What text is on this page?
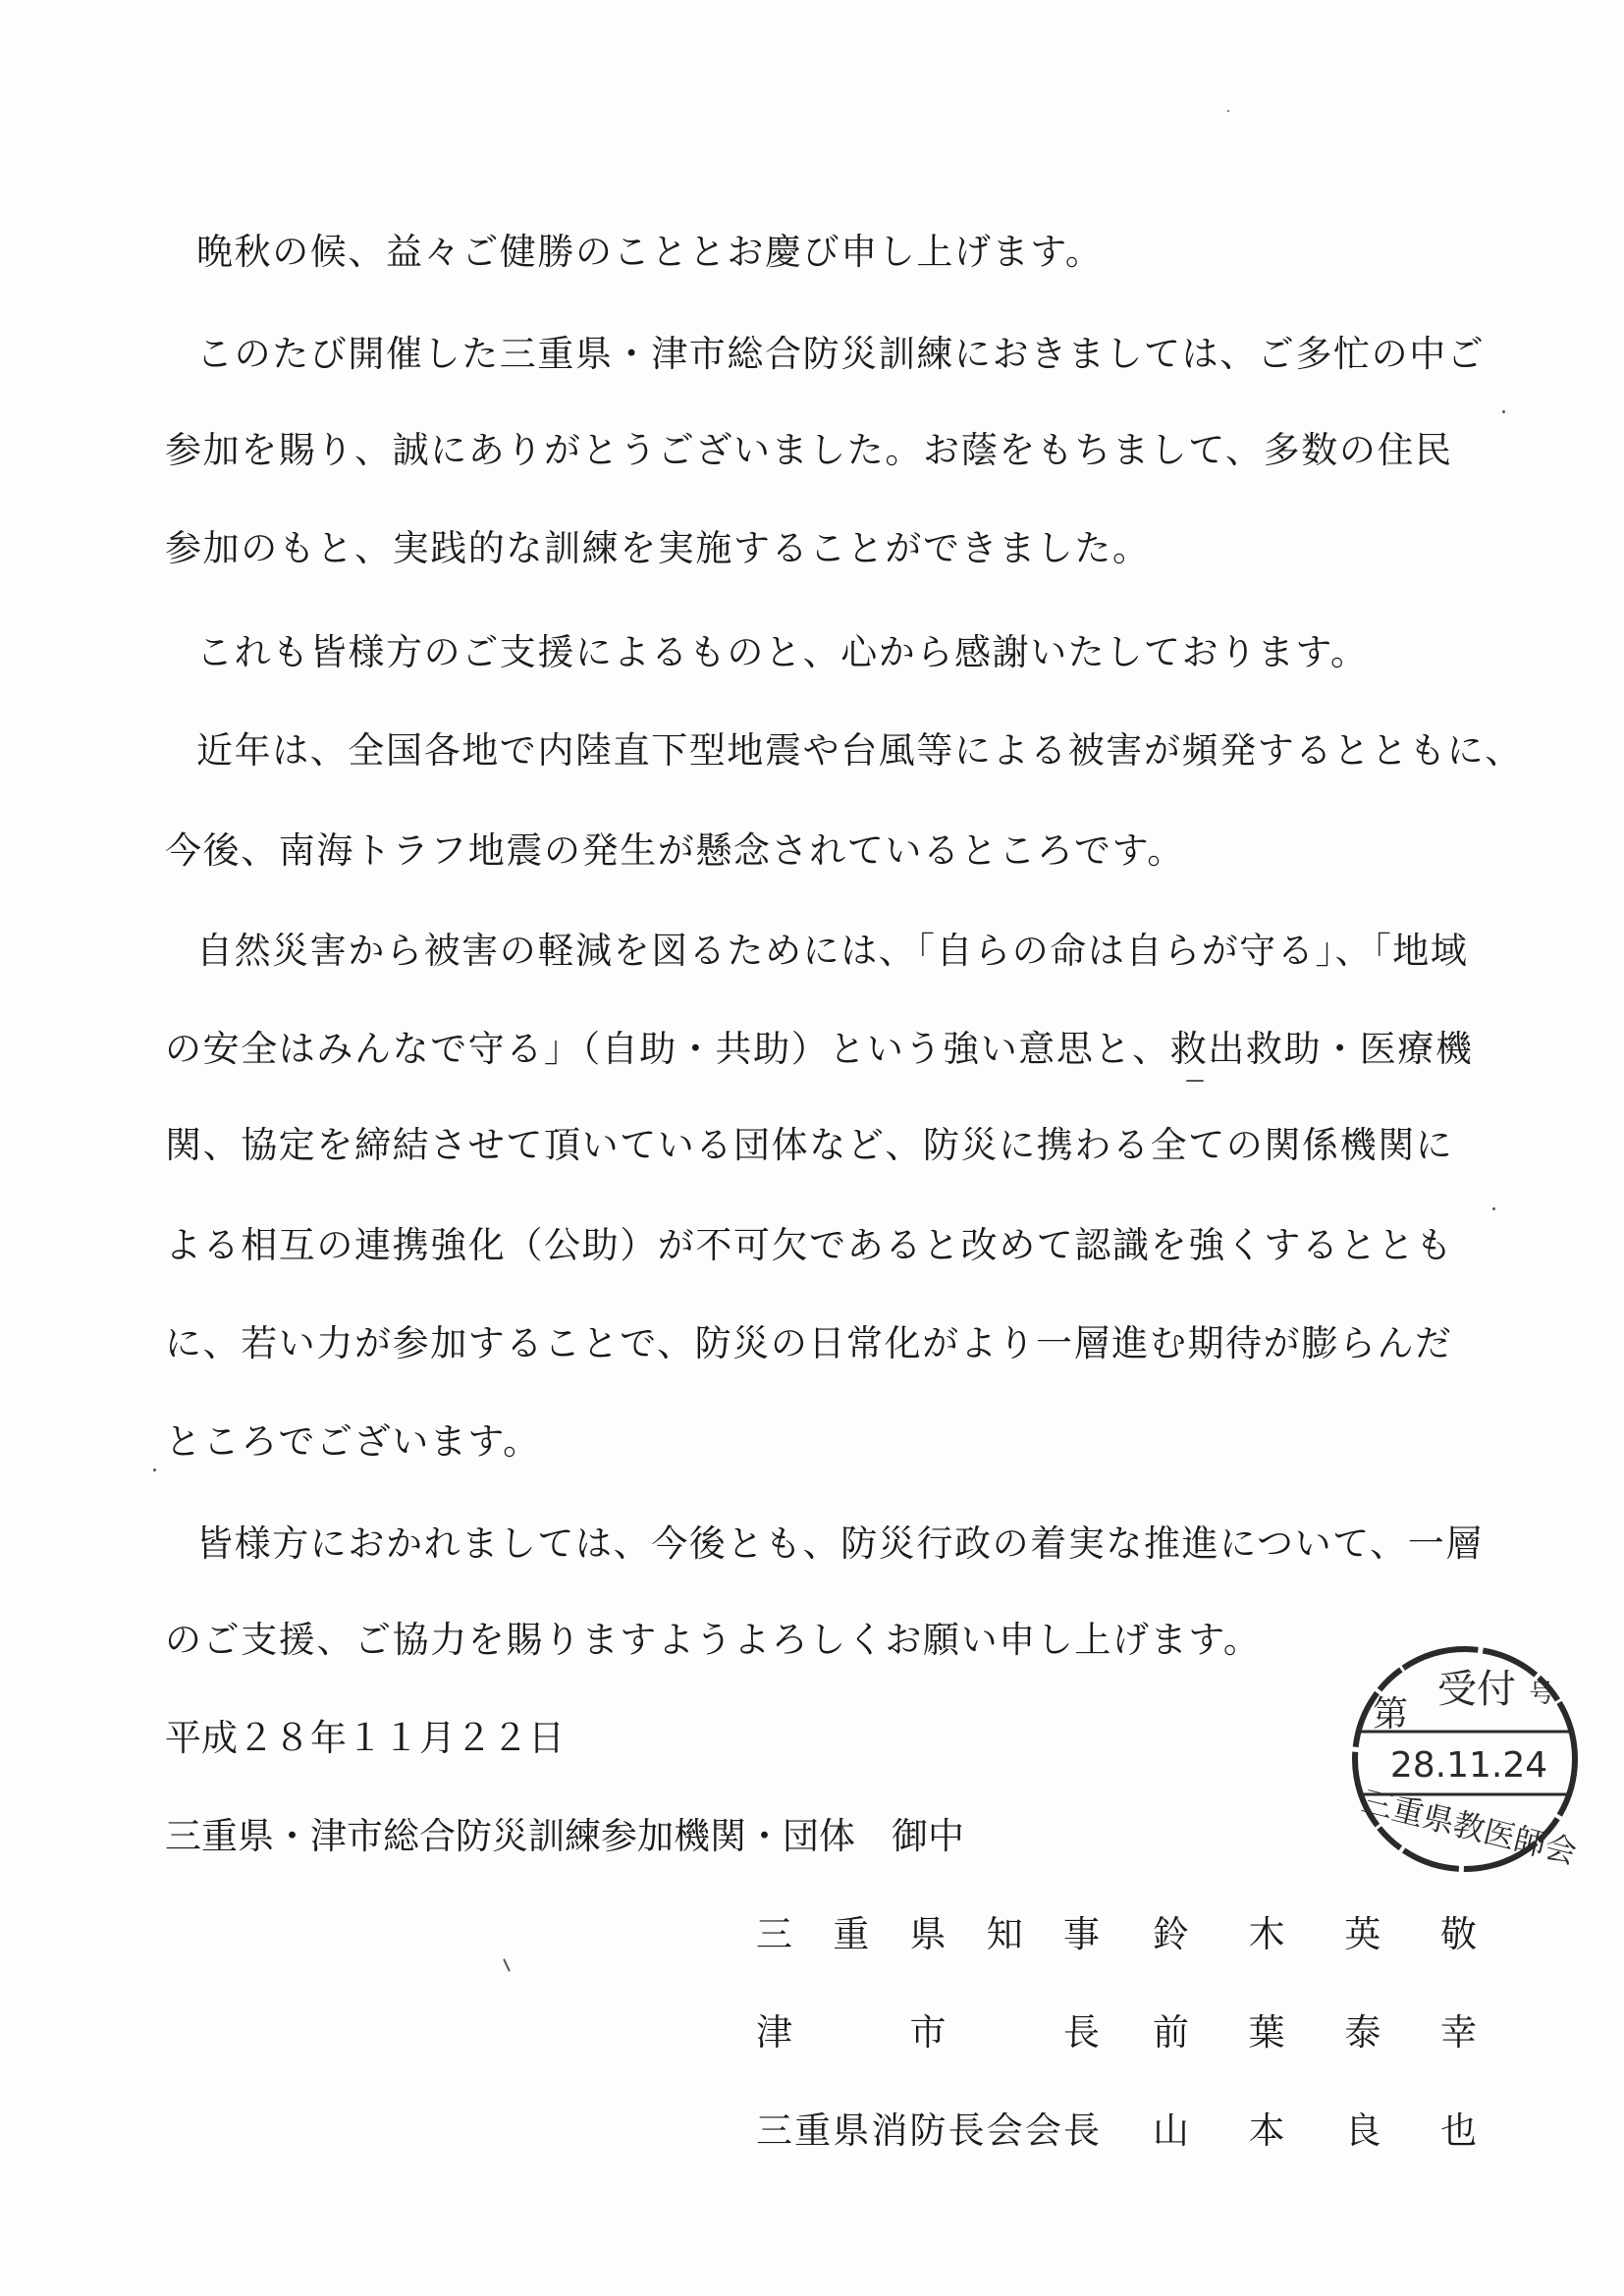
晩秋の候、益々ご健勝のこととお慶び申し上げます。
このたび開催した三重県・津市総合防災訓練におきましては、ご多忙の中ご
参加を賜り、誠にありがとうございました。お蔭をもちまして、多数の住民
参加のもと、実践的な訓練を実施することができました。
これも皆様方のご支援によるものと、心から感謝いたしております。
近年は、全国各地で内陸直下型地震や台風等による被害が頻発するとともに、
今後、南海トラフ地震の発生が懸念されているところです。
自然災害から被害の軽減を図るためには、「自らの命は自らが守る」、「地域
の安全はみんなで守る」（自助・共助）という強い意思と、救出救助・医療機
関、協定を締結させて頂いている団体など、防災に携わる全ての関係機関に
よる相互の連携強化（公助）が不可欠であると改めて認識を強くするととも
に、若い力が参加することで、防災の日常化がより一層進む期待が膨らんだ
ところでございます。
皆様方におかれましては、今後とも、防災行政の着実な推進について、一層
のご支援、ご協力を賜りますようよろしくお願い申し上げます。
平成２８年１１月２２日
三重県・津市総合防災訓練参加機関・団体　御中
三 重 県 知 事 鈴 木 英 敬
津	市	長 前 葉 泰 幸
三 重 県 消 防 長 会 会 長 山 本 良 也
受付
第	号
28.11.24
三重県教医師会
